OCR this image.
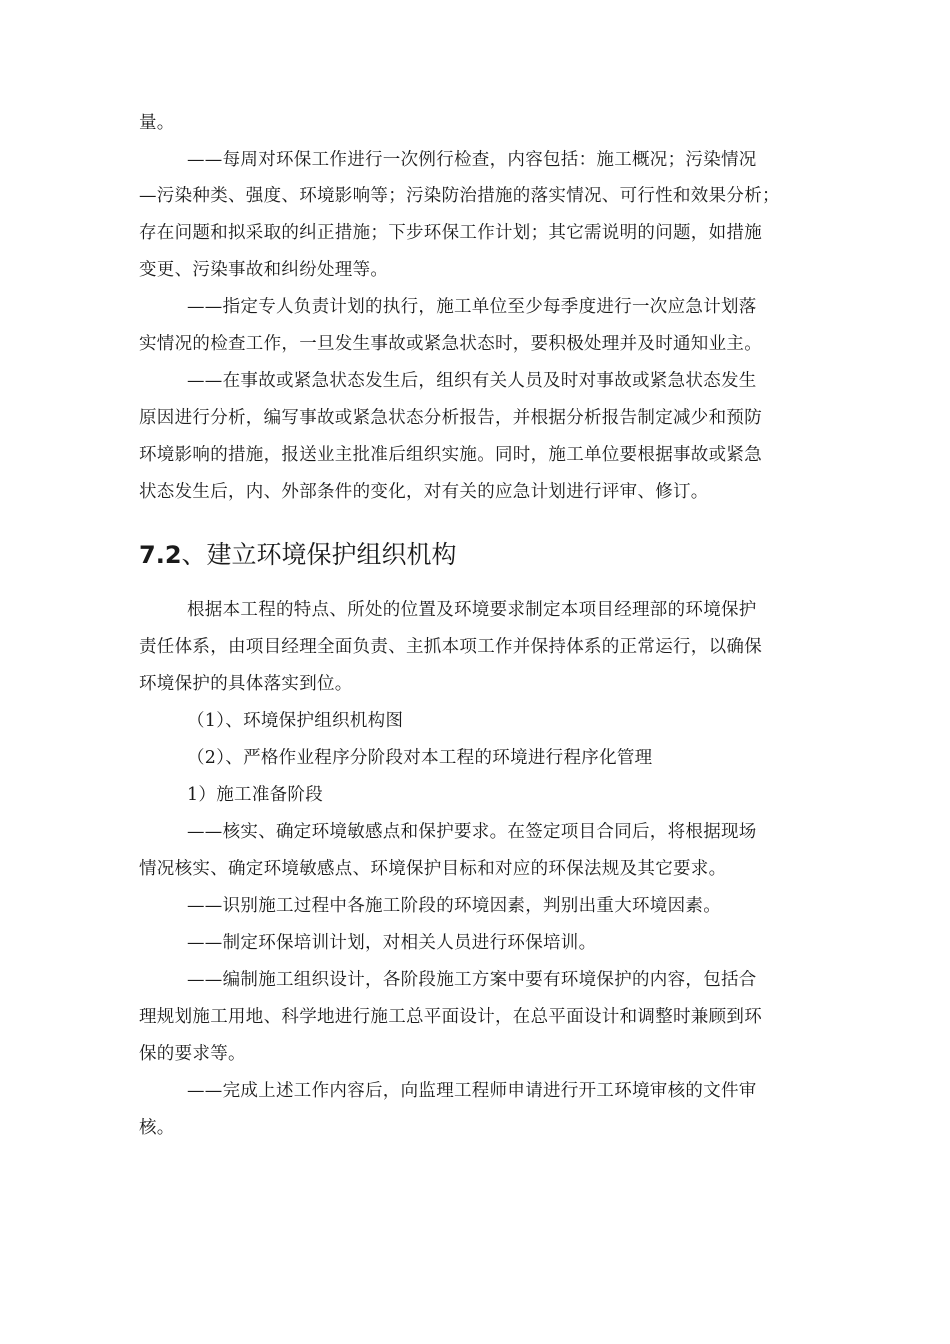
量。
——每周对环保工作进行一次例行检查，内容包括：施工概况；污染情况
—污染种类、强度、环境影响等；污染防治措施的落实情况、可行性和效果分析；
存在问题和拟采取的纠正措施；下步环保工作计划；其它需说明的问题，如措施
变更、污染事故和纠纷处理等。
——指定专人负责计划的执行，施工单位至少每季度进行一次应急计划落
实情况的检查工作，一旦发生事故或紧急状态时，要积极处理并及时通知业主。
——在事故或紧急状态发生后，组织有关人员及时对事故或紧急状态发生
原因进行分析，编写事故或紧急状态分析报告，并根据分析报告制定减少和预防
环境影响的措施，报送业主批准后组织实施。同时，施工单位要根据事故或紧急
状态发生后，内、外部条件的变化，对有关的应急计划进行评审、修订。
7.2、建立环境保护组织机构
根据本工程的特点、所处的位置及环境要求制定本项目经理部的环境保护
责任体系，由项目经理全面负责、主抓本项工作并保持体系的正常运行，以确保
环境保护的具体落实到位。
（1）、环境保护组织机构图
（2）、严格作业程序分阶段对本工程的环境进行程序化管理
1）施工准备阶段
——核实、确定环境敏感点和保护要求。在签定项目合同后，将根据现场
情况核实、确定环境敏感点、环境保护目标和对应的环保法规及其它要求。
——识别施工过程中各施工阶段的环境因素，判别出重大环境因素。
——制定环保培训计划，对相关人员进行环保培训。
——编制施工组织设计，各阶段施工方案中要有环境保护的内容，包括合
理规划施工用地、科学地进行施工总平面设计，在总平面设计和调整时兼顾到环
保的要求等。
——完成上述工作内容后，向监理工程师申请进行开工环境审核的文件审
核。
